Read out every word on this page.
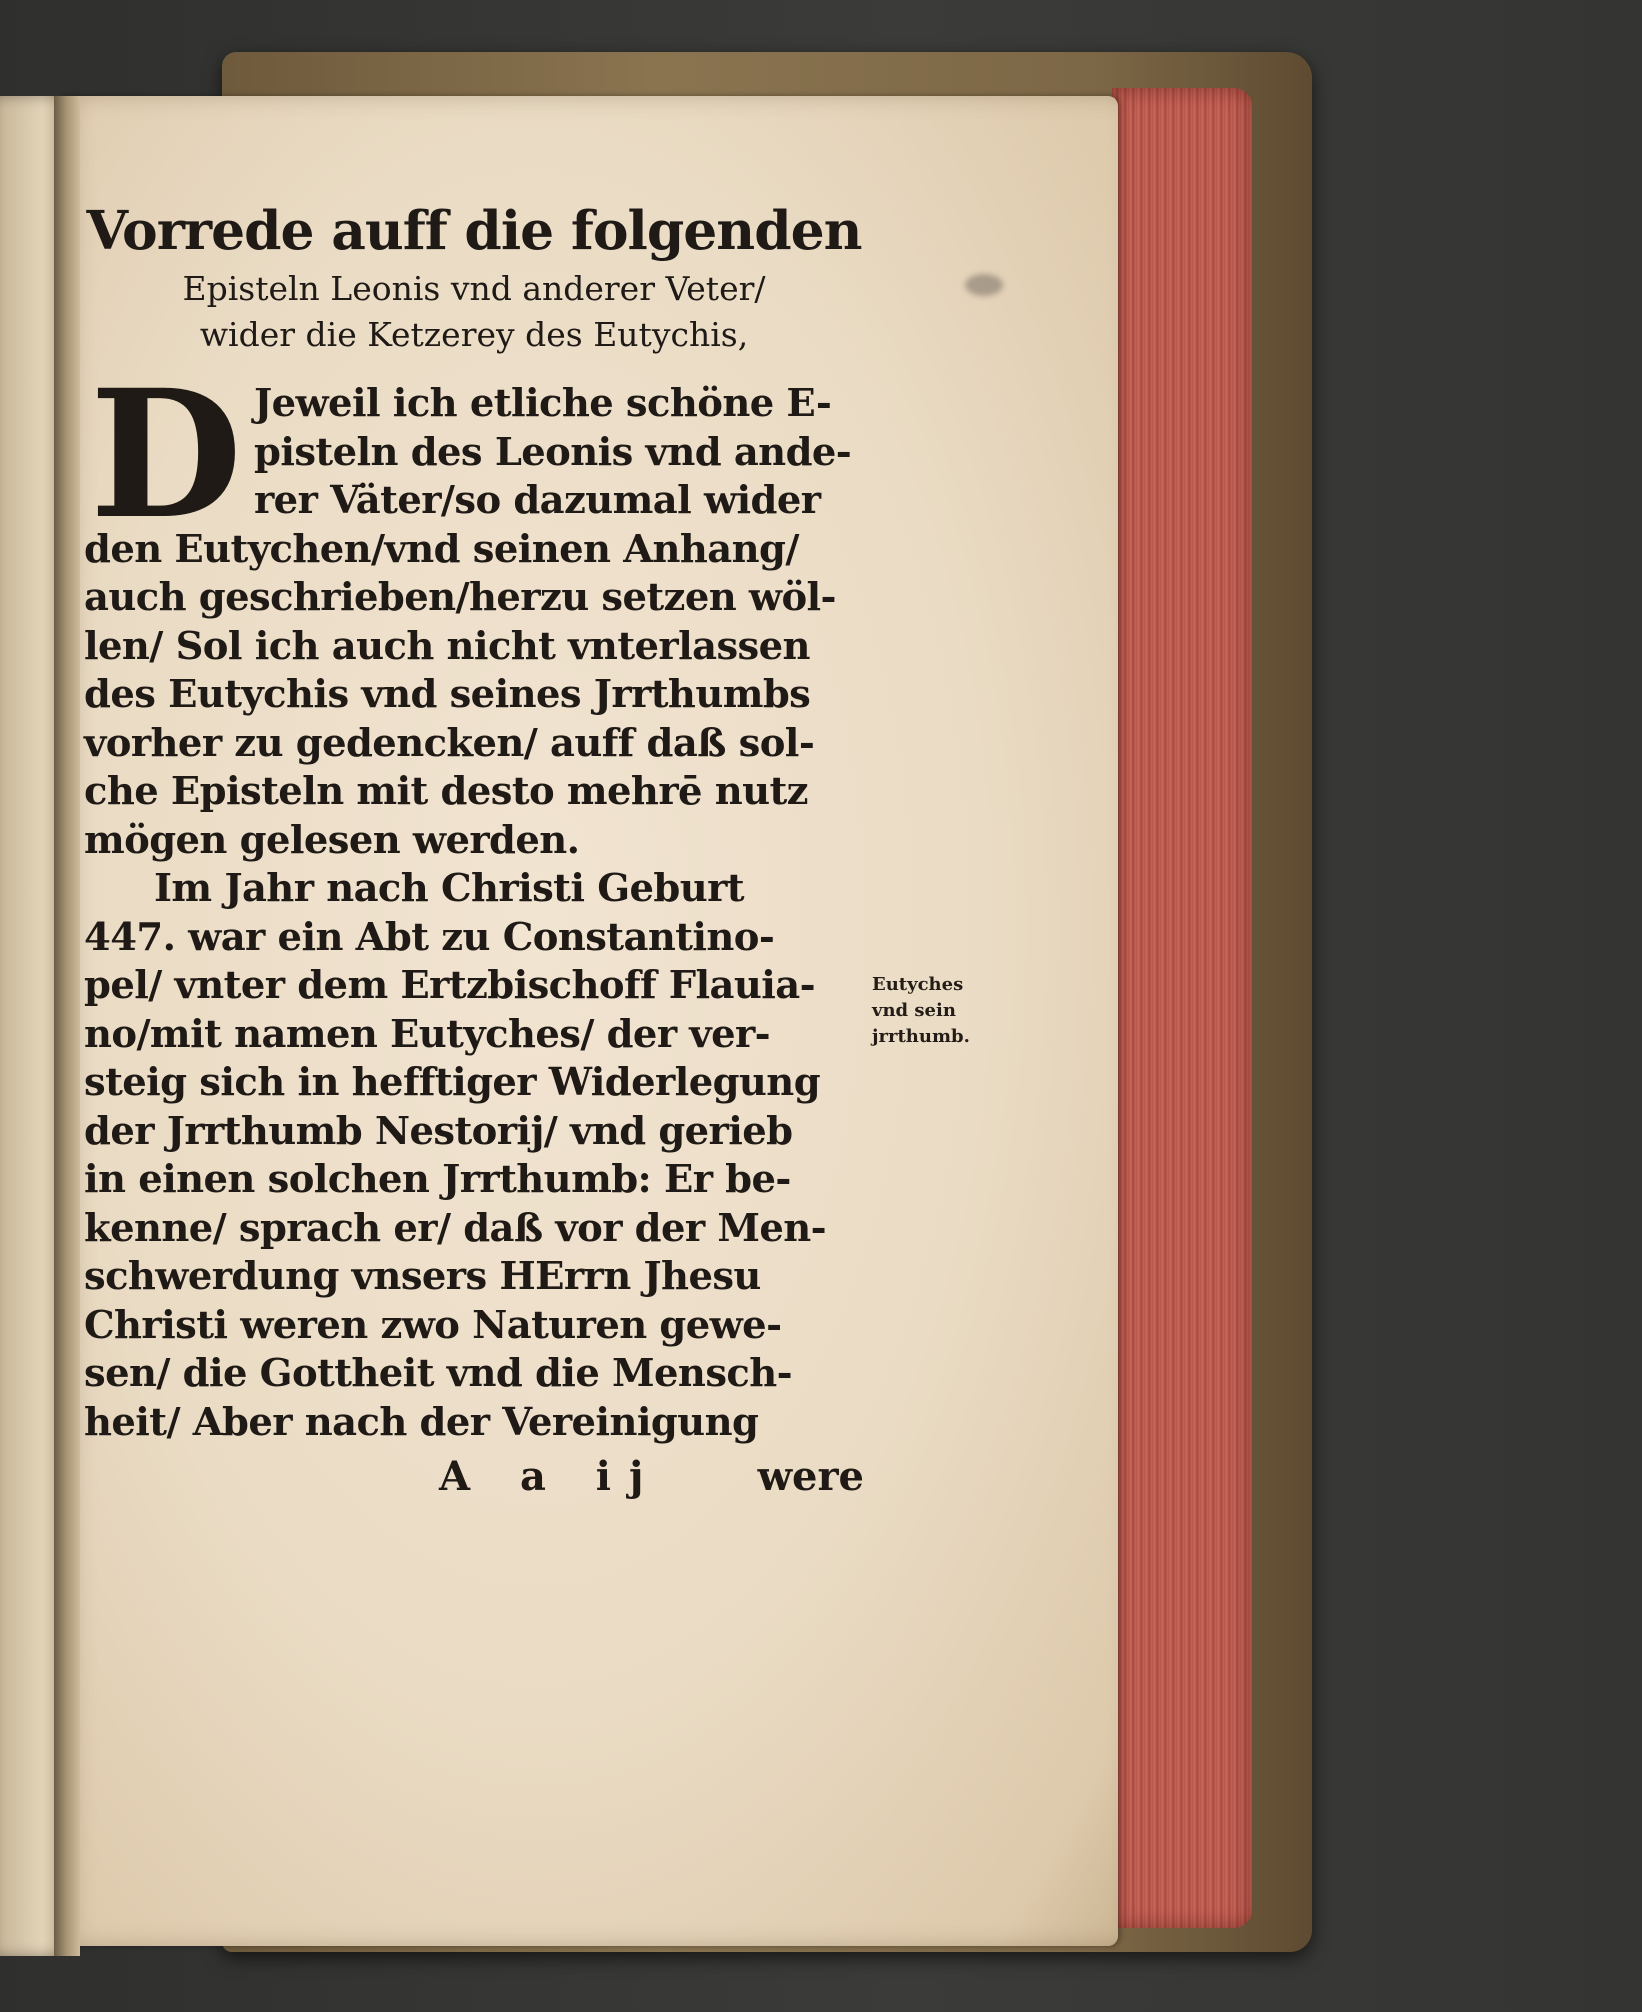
Vorrede auff die folgenden
Episteln Leonis vnd anderer Veter/
wider die Ketzerey des Eutychis,
D Jeweil ich etliche schöne E-
pisteln des Leonis vnd ande-
rer Väter/so dazumal wider
den Eutychen/vnd seinen Anhang/
auch geschrieben/herzu setzen wöl-
len/ Sol ich auch nicht vnterlassen
des Eutychis vnd seines Jrrthumbs
vorher zu gedencken/ auff daß sol-
che Episteln mit desto mehrē nutz
mögen gelesen werden.
Im Jahr nach Christi Geburt
447. war ein Abt zu Constantino-
pel/ vnter dem Ertzbischoff Flauia-
no/mit namen Eutyches/ der ver-
steig sich in hefftiger Widerlegung
der Jrrthumb Nestorij/ vnd gerieb
in einen solchen Jrrthumb: Er be-
kenne/ sprach er/ daß vor der Men-
schwerdung vnsers HErrn Jhesu
Christi weren zwo Naturen gewe-
sen/ die Gottheit vnd die Mensch-
heit/ Aber nach der Vereinigung
A a ij were
Eutyches
vnd sein
jrrthumb.
